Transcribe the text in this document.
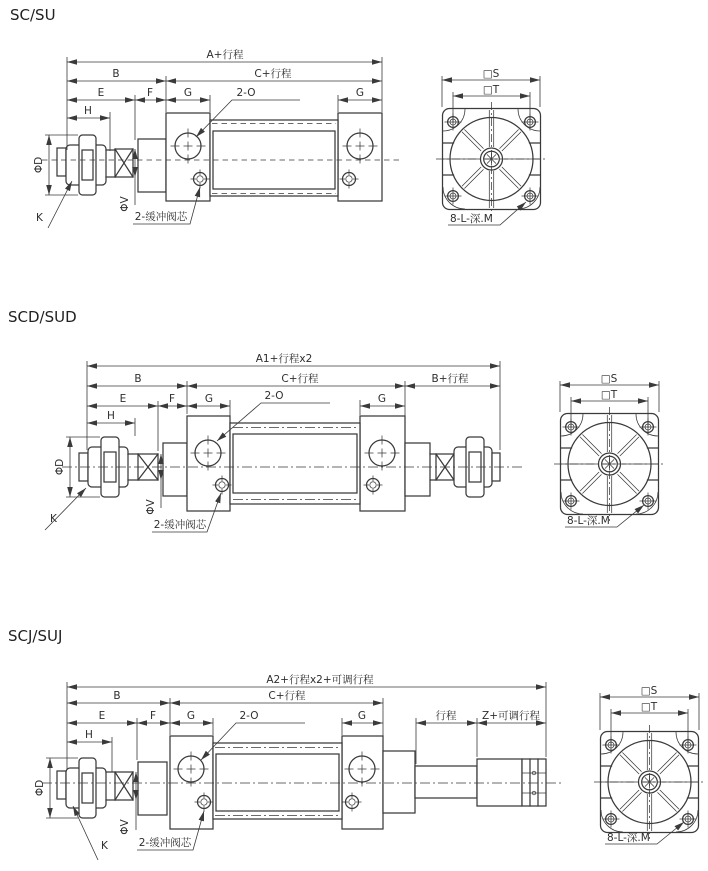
SC/SU
A+行程
B	C+行程
E	F	G	G
H
ΦD
ΦV
2-O
K	2-缓冲阀芯
□S
□T
8-L-深.M
SCD/SUD
A1+行程x2
B	C+行程	B+行程
E	F	G	G
H
ΦD
ΦV
2-O
K	2-缓冲阀芯
□S
□T
8-L-深.M
SCJ/SUJ
A2+行程x2+可调行程
B	C+行程
E	F	G	G	行程 Z+可调行程
H
ΦD
ΦV
2-O
K	2-缓冲阀芯
□S
□T
8-L-深.M
